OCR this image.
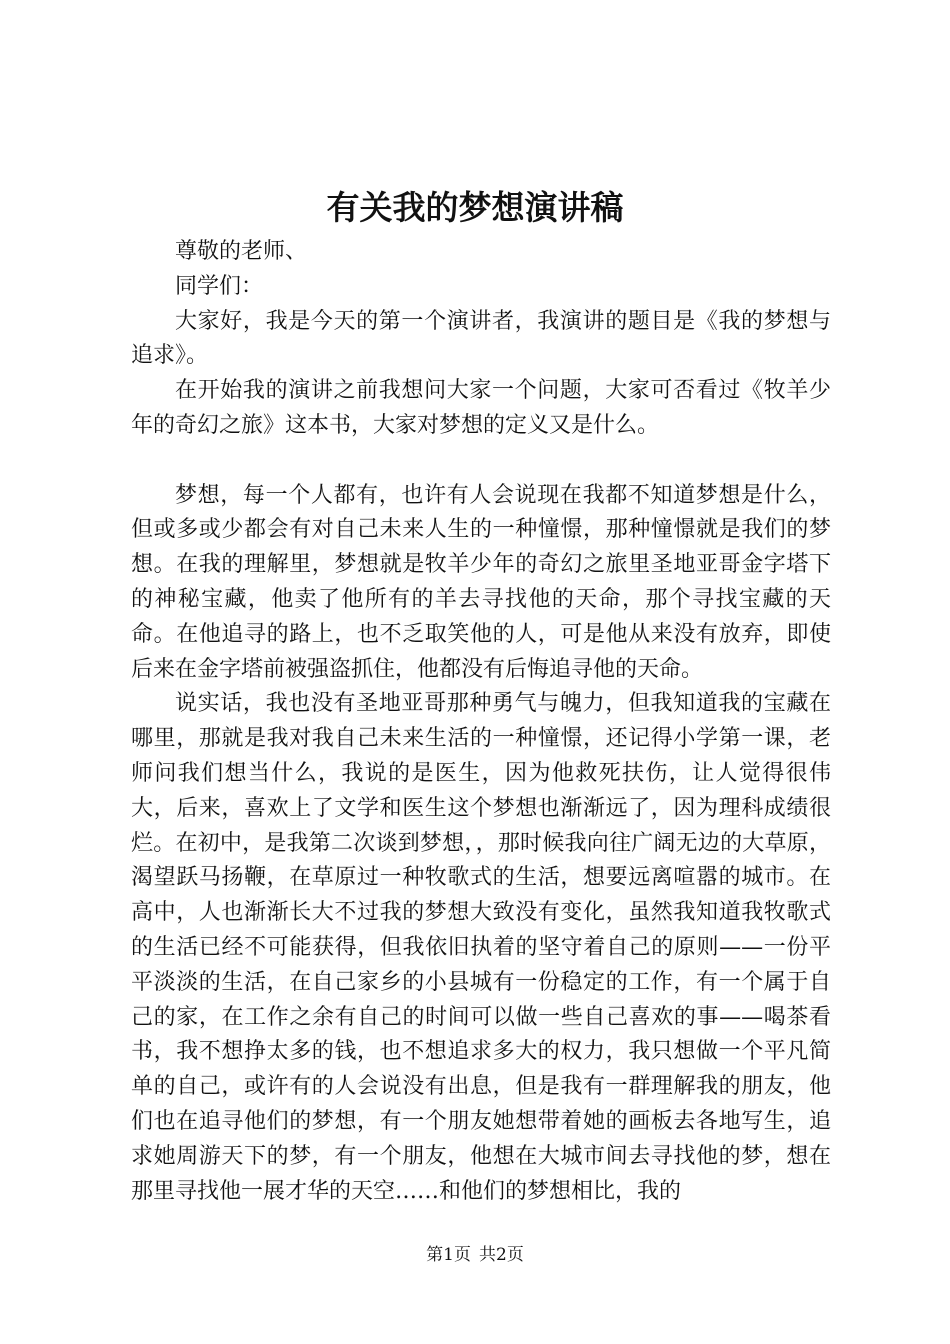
有关我的梦想演讲稿

尊敬的老师、

同学们：

大家好，我是今天的第一个演讲者，我演讲的题目是《我的梦想与追求》。

在开始我的演讲之前我想问大家一个问题，大家可否看过《牧羊少年的奇幻之旅》这本书，大家对梦想的定义又是什么。

梦想，每一个人都有，也许有人会说现在我都不知道梦想是什么，但或多或少都会有对自己未来人生的一种憧憬，那种憧憬就是我们的梦想。在我的理解里，梦想就是牧羊少年的奇幻之旅里圣地亚哥金字塔下的神秘宝藏，他卖了他所有的羊去寻找他的天命，那个寻找宝藏的天命。在他追寻的路上，也不乏取笑他的人，可是他从来没有放弃，即使后来在金字塔前被强盗抓住，他都没有后悔追寻他的天命。

说实话，我也没有圣地亚哥那种勇气与魄力，但我知道我的宝藏在哪里，那就是我对我自己未来生活的一种憧憬，还记得小学第一课，老师问我们想当什么，我说的是医生，因为他救死扶伤，让人觉得很伟大，后来，喜欢上了文学和医生这个梦想也渐渐远了，因为理科成绩很烂。在初中，是我第二次谈到梦想，，那时候我向往广阔无边的大草原，渴望跃马扬鞭，在草原过一种牧歌式的生活，想要远离喧嚣的城市。在高中，人也渐渐长大不过我的梦想大致没有变化，虽然我知道我牧歌式的生活已经不可能获得，但我依旧执着的坚守着自己的原则——一份平平淡淡的生活，在自己家乡的小县城有一份稳定的工作，有一个属于自己的家，在工作之余有自己的时间可以做一些自己喜欢的事——喝茶看书，我不想挣太多的钱，也不想追求多大的权力，我只想做一个平凡简单的自己，或许有的人会说没有出息，但是我有一群理解我的朋友，他们也在追寻他们的梦想，有一个朋友她想带着她的画板去各地写生，追求她周游天下的梦，有一个朋友，他想在大城市间去寻找他的梦，想在那里寻找他一展才华的天空……和他们的梦想相比，我的

第1页 共2页
